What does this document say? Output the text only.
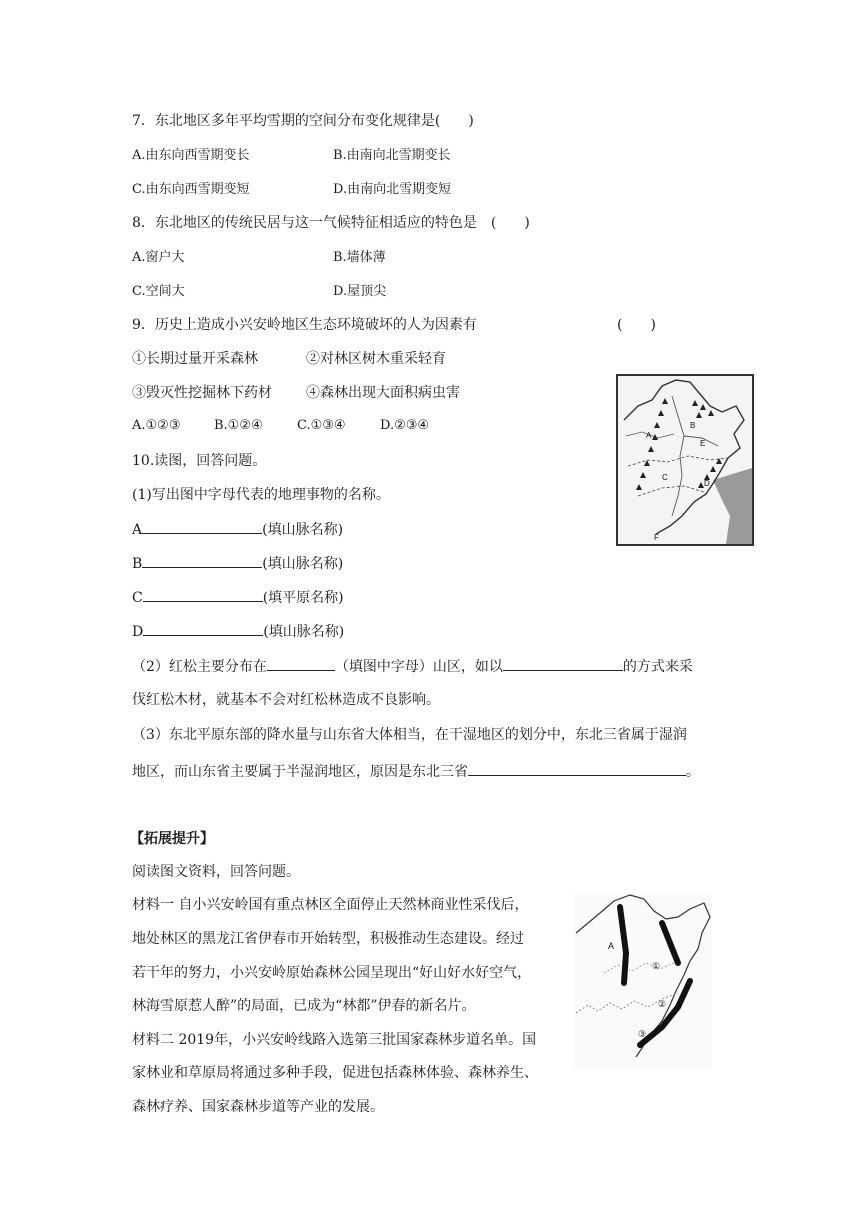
7．东北地区多年平均雪期的空间分布变化规律是(　　)
A.由东向西雪期变长	B.由南向北雪期变长
C.由东向西雪期变短	D.由南向北雪期变短
8．东北地区的传统民居与这一气候特征相适应的特色是　(　　)
A.窗户大	B.墙体薄
C.空间大	D.屋顶尖
9．历史上造成小兴安岭地区生态环境破坏的人为因素有	(　　)
①长期过量开采森林	②对林区树木重采轻育
③毁灭性挖掘林下药材 ④森林出现大面积病虫害
A.①②③	B.①②④	C.①③④	D.②③④
A
B
C
D
E
F
10.读图，回答问题。
(1)写出图中字母代表的地理事物的名称。
A	(填山脉名称)
B	(填山脉名称)
C	(填平原名称)
D	(填山脉名称)
（2）红松主要分布在	（填图中字母）山区，如以	的方式来采
伐红松木材，就基本不会对红松林造成不良影响。
（3）东北平原东部的降水量与山东省大体相当，在干湿地区的划分中，东北三省属于湿润
地区，而山东省主要属于半湿润地区，原因是东北三省	。
【拓展提升】
阅读图文资料，回答问题。
材料一 自小兴安岭国有重点林区全面停止天然林商业性采伐后，
地处林区的黑龙江省伊春市开始转型，积极推动生态建设。经过
若干年的努力，小兴安岭原始森林公园呈现出“好山好水好空气，
林海雪原惹人醉”的局面，已成为“林都”伊春的新名片。
材料二 2019年，小兴安岭线路入选第三批国家森林步道名单。国
家林业和草原局将通过多种手段，促进包括森林体验、森林养生、
森林疗养、国家森林步道等产业的发展。
A
①
②
③
